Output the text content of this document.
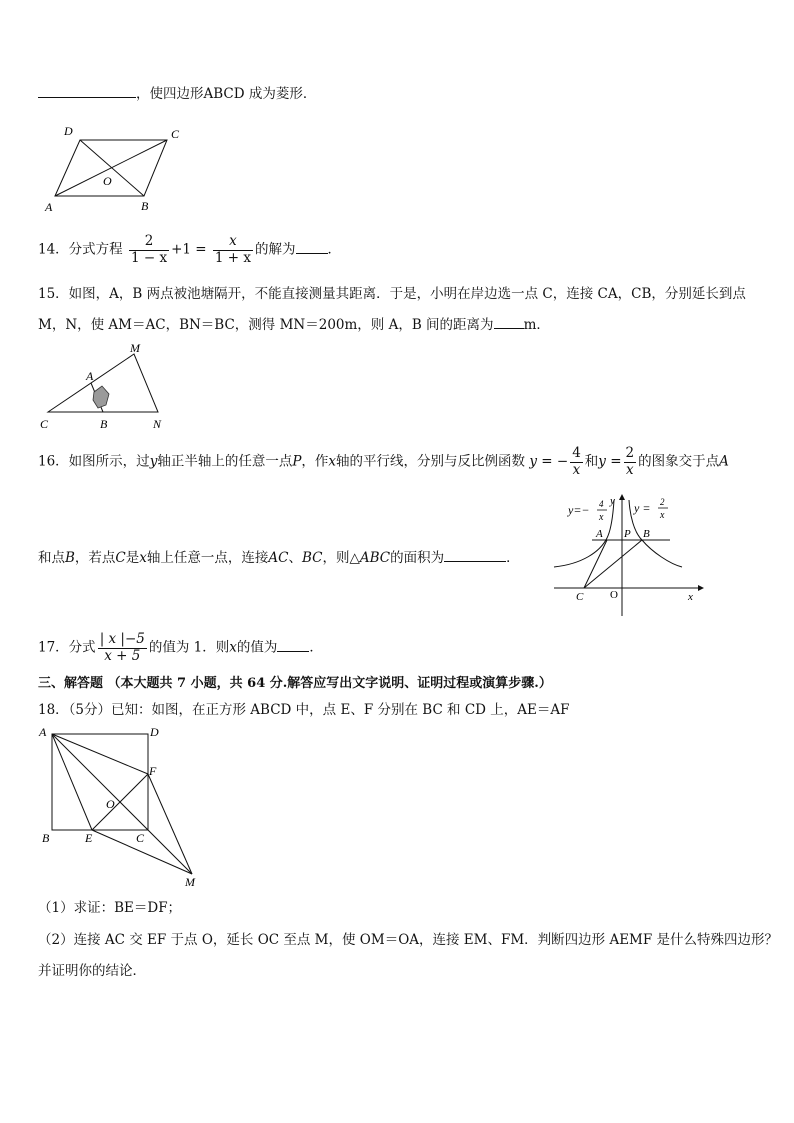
，使四边形ABCD 成为菱形．
D	C
O
A	B
14．分式方程 $\frac{2}{1 - x} +1 = \frac{x}{1 + x}$ 的解为 ．
15．如图，A，B 两点被池塘隔开，不能直接测量其距离．于是，小明在岸边选一点 C，连接 CA，CB，分别延长到点
M，N，使 AM＝AC，BN＝BC，测得 MN＝200m，则 A，B 间的距离为 m．
M
A
C	B	N
16．如图所示，过y轴正半轴上的任意一点P，作x轴的平行线，分别与反比例函数 y = − $\frac{4}{x}$ 和$y = \frac{2}{x}$ 的图象交于点A
和点B，若点C是x轴上任意一点，连接AC、BC，则△ABC的面积为	．
y=− 4
x
y = 2
x
y
A P B
C O	x
17．分式 $\frac{| x |-5}{x + 5}$ 的值为 1．则x的值为 ．
三、解答题 （本大题共 7 小题，共 64 分.解答应写出文字说明、证明过程或演算步骤.）
18．（5分）已知：如图，在正方形 ABCD 中，点 E、F 分别在 BC 和 CD 上，AE＝AF
A	D
F
O
B	E	C
M
（1）求证：BE＝DF；
（2）连接 AC 交 EF 于点 O，延长 OC 至点 M，使 OM＝OA，连接 EM、FM．判断四边形 AEMF 是什么特殊四边形？
并证明你的结论．
